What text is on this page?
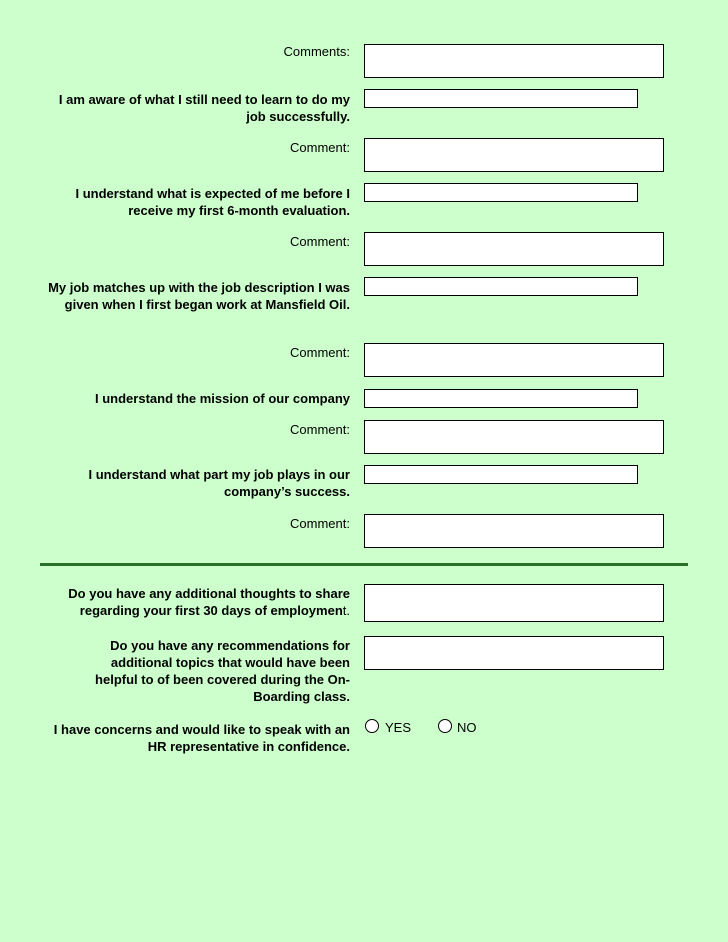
Comments:
I am aware of what I still need to learn to do my job successfully.
Comment:
I understand what is expected of me before I receive my first 6-month evaluation.
Comment:
My job matches up with the job description I was given when I first began work at Mansfield Oil.
Comment:
I understand the mission of our company
Comment:
I understand what part my job plays in our company’s success.
Comment:
Do you have any additional thoughts to share regarding your first 30 days of employment.
Do you have any recommendations for additional topics that would have been helpful to of been covered during the On-Boarding class.
I have concerns and would like to speak with an HR representative in confidence.
YES	NO
